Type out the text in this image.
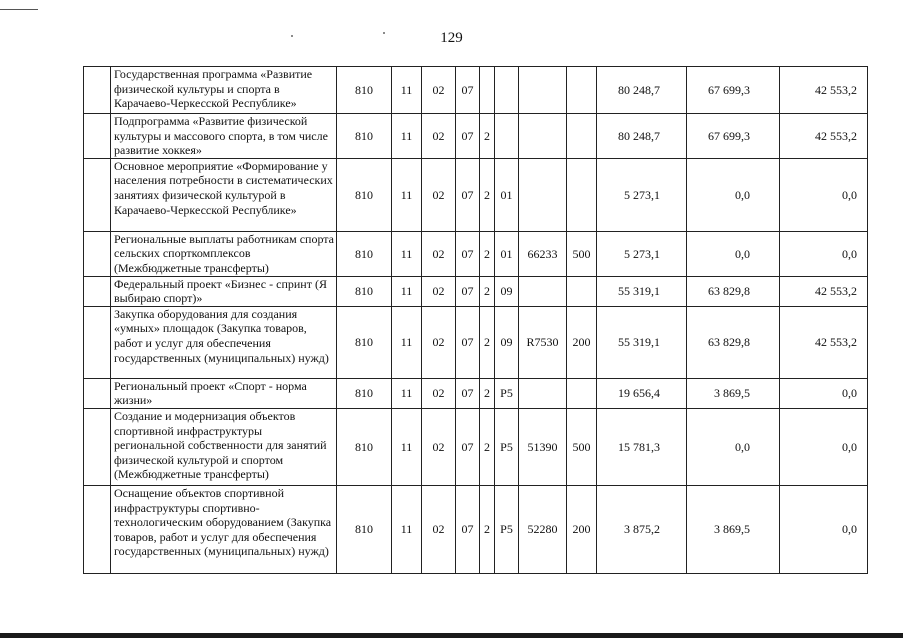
129
	Государственная программа «Развитие физической культуры и спорта в Карачаево-Черкесской Республике»	810	11	02	07					80 248,7	67 699,3	42 553,2
	Подпрограмма «Развитие физической культуры и массового спорта, в том числе развитие хоккея»	810	11	02	07	2				80 248,7	67 699,3	42 553,2
	Основное мероприятие «Формирование у населения потребности в систематических занятиях физической культурой в Карачаево-Черкесской Республике»	810	11	02	07	2	01			5 273,1	0,0	0,0
	Региональные выплаты работникам спорта сельских спорткомплексов (Межбюджетные трансферты)	810	11	02	07	2	01	66233	500	5 273,1	0,0	0,0
	Федеральный проект «Бизнес - спринт (Я выбираю спорт)»	810	11	02	07	2	09			55 319,1	63 829,8	42 553,2
	Закупка оборудования для создания «умных» площадок (Закупка товаров, работ и услуг для обеспечения государственных (муниципальных) нужд)	810	11	02	07	2	09	R7530	200	55 319,1	63 829,8	42 553,2
	Региональный проект «Спорт - норма жизни»	810	11	02	07	2	P5			19 656,4	3 869,5	0,0
	Создание и модернизация объектов спортивной инфраструктуры региональной собственности для занятий физической культурой и спортом (Межбюджетные трансферты)	810	11	02	07	2	P5	51390	500	15 781,3	0,0	0,0
	Оснащение объектов спортивной инфраструктуры спортивно-технологическим оборудованием (Закупка товаров, работ и услуг для обеспечения государственных (муниципальных) нужд)	810	11	02	07	2	P5	52280	200	3 875,2	3 869,5	0,0
